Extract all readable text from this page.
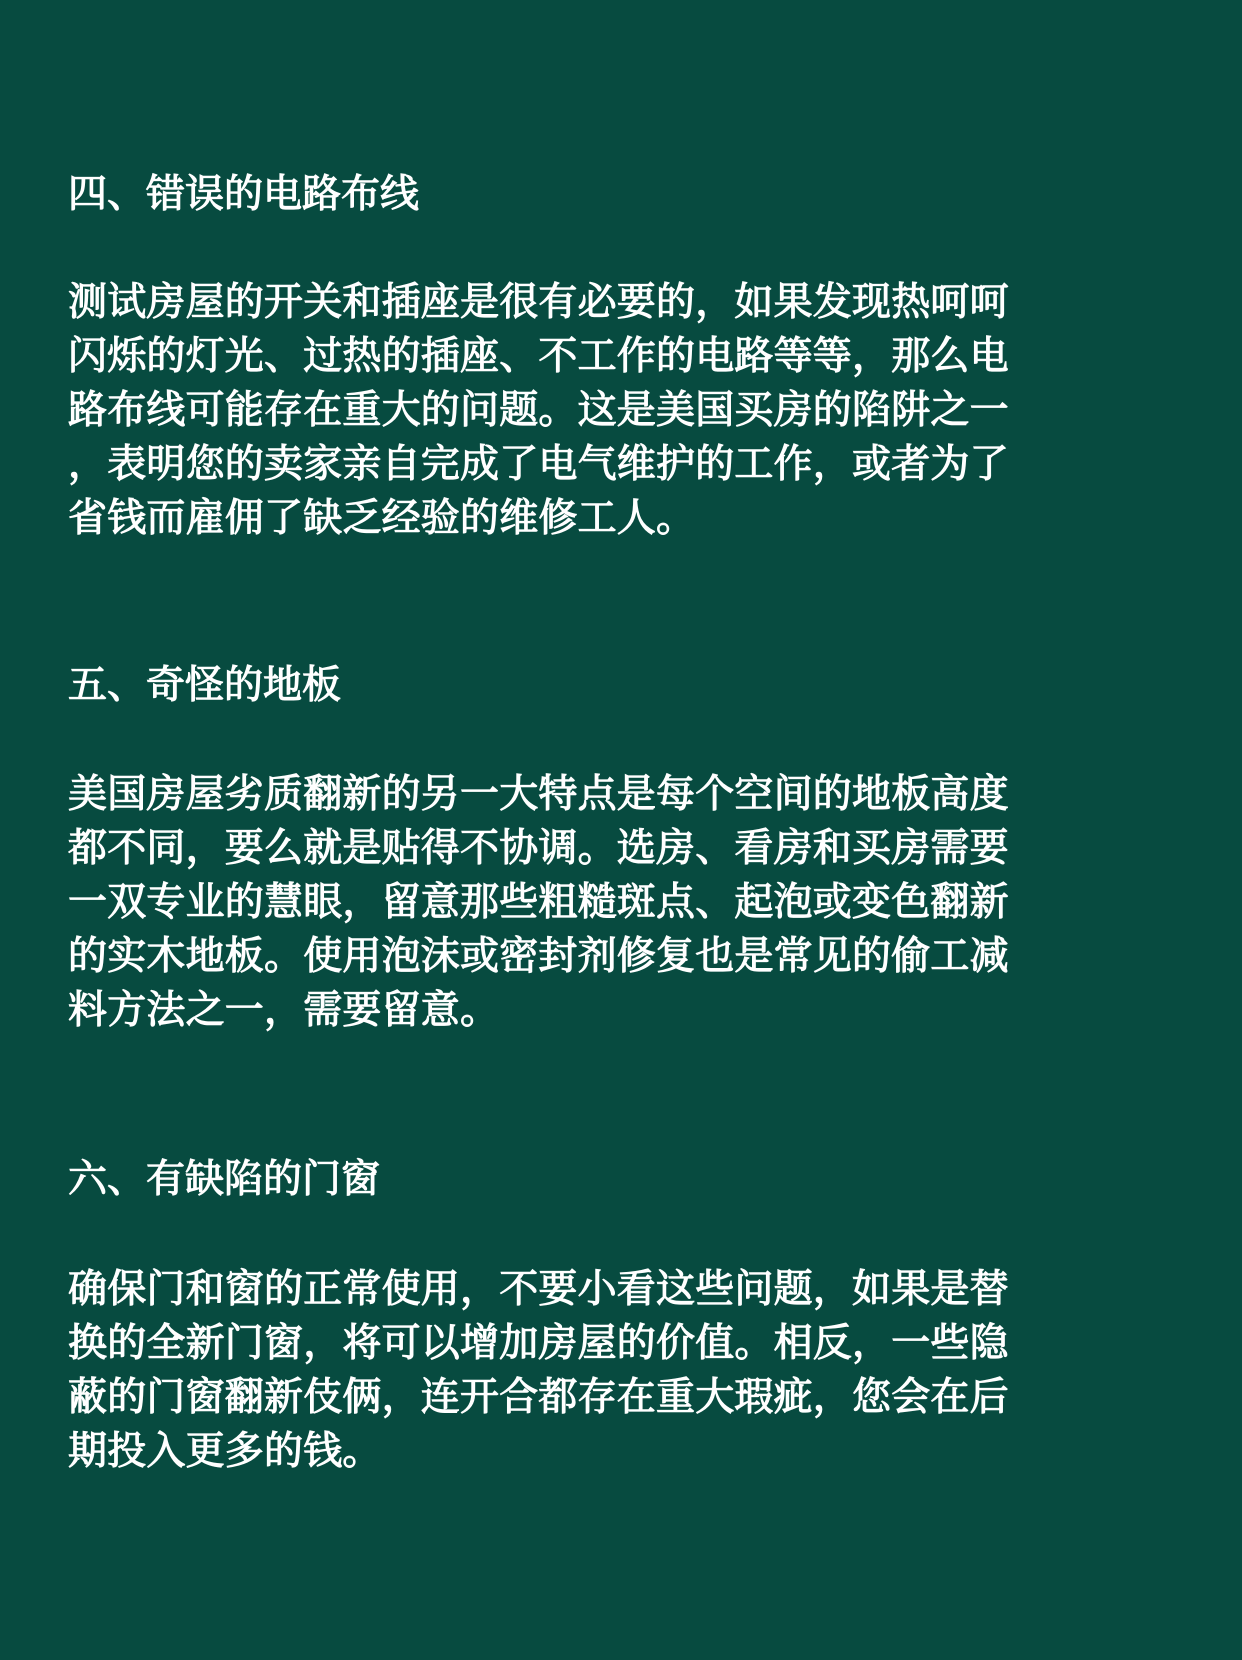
四、错误的电路布线

测试房屋的开关和插座是很有必要的，如果发现热呵呵
闪烁的灯光、过热的插座、不工作的电路等等，那么电
路布线可能存在重大的问题。这是美国买房的陷阱之一
，表明您的卖家亲自完成了电气维护的工作，或者为了
省钱而雇佣了缺乏经验的维修工人。

五、奇怪的地板

美国房屋劣质翻新的另一大特点是每个空间的地板高度
都不同，要么就是贴得不协调。选房、看房和买房需要
一双专业的慧眼，留意那些粗糙斑点、起泡或变色翻新
的实木地板。使用泡沫或密封剂修复也是常见的偷工减
料方法之一，需要留意。

六、有缺陷的门窗

确保门和窗的正常使用，不要小看这些问题，如果是替
换的全新门窗，将可以增加房屋的价值。相反，一些隐
蔽的门窗翻新伎俩，连开合都存在重大瑕疵，您会在后
期投入更多的钱。
